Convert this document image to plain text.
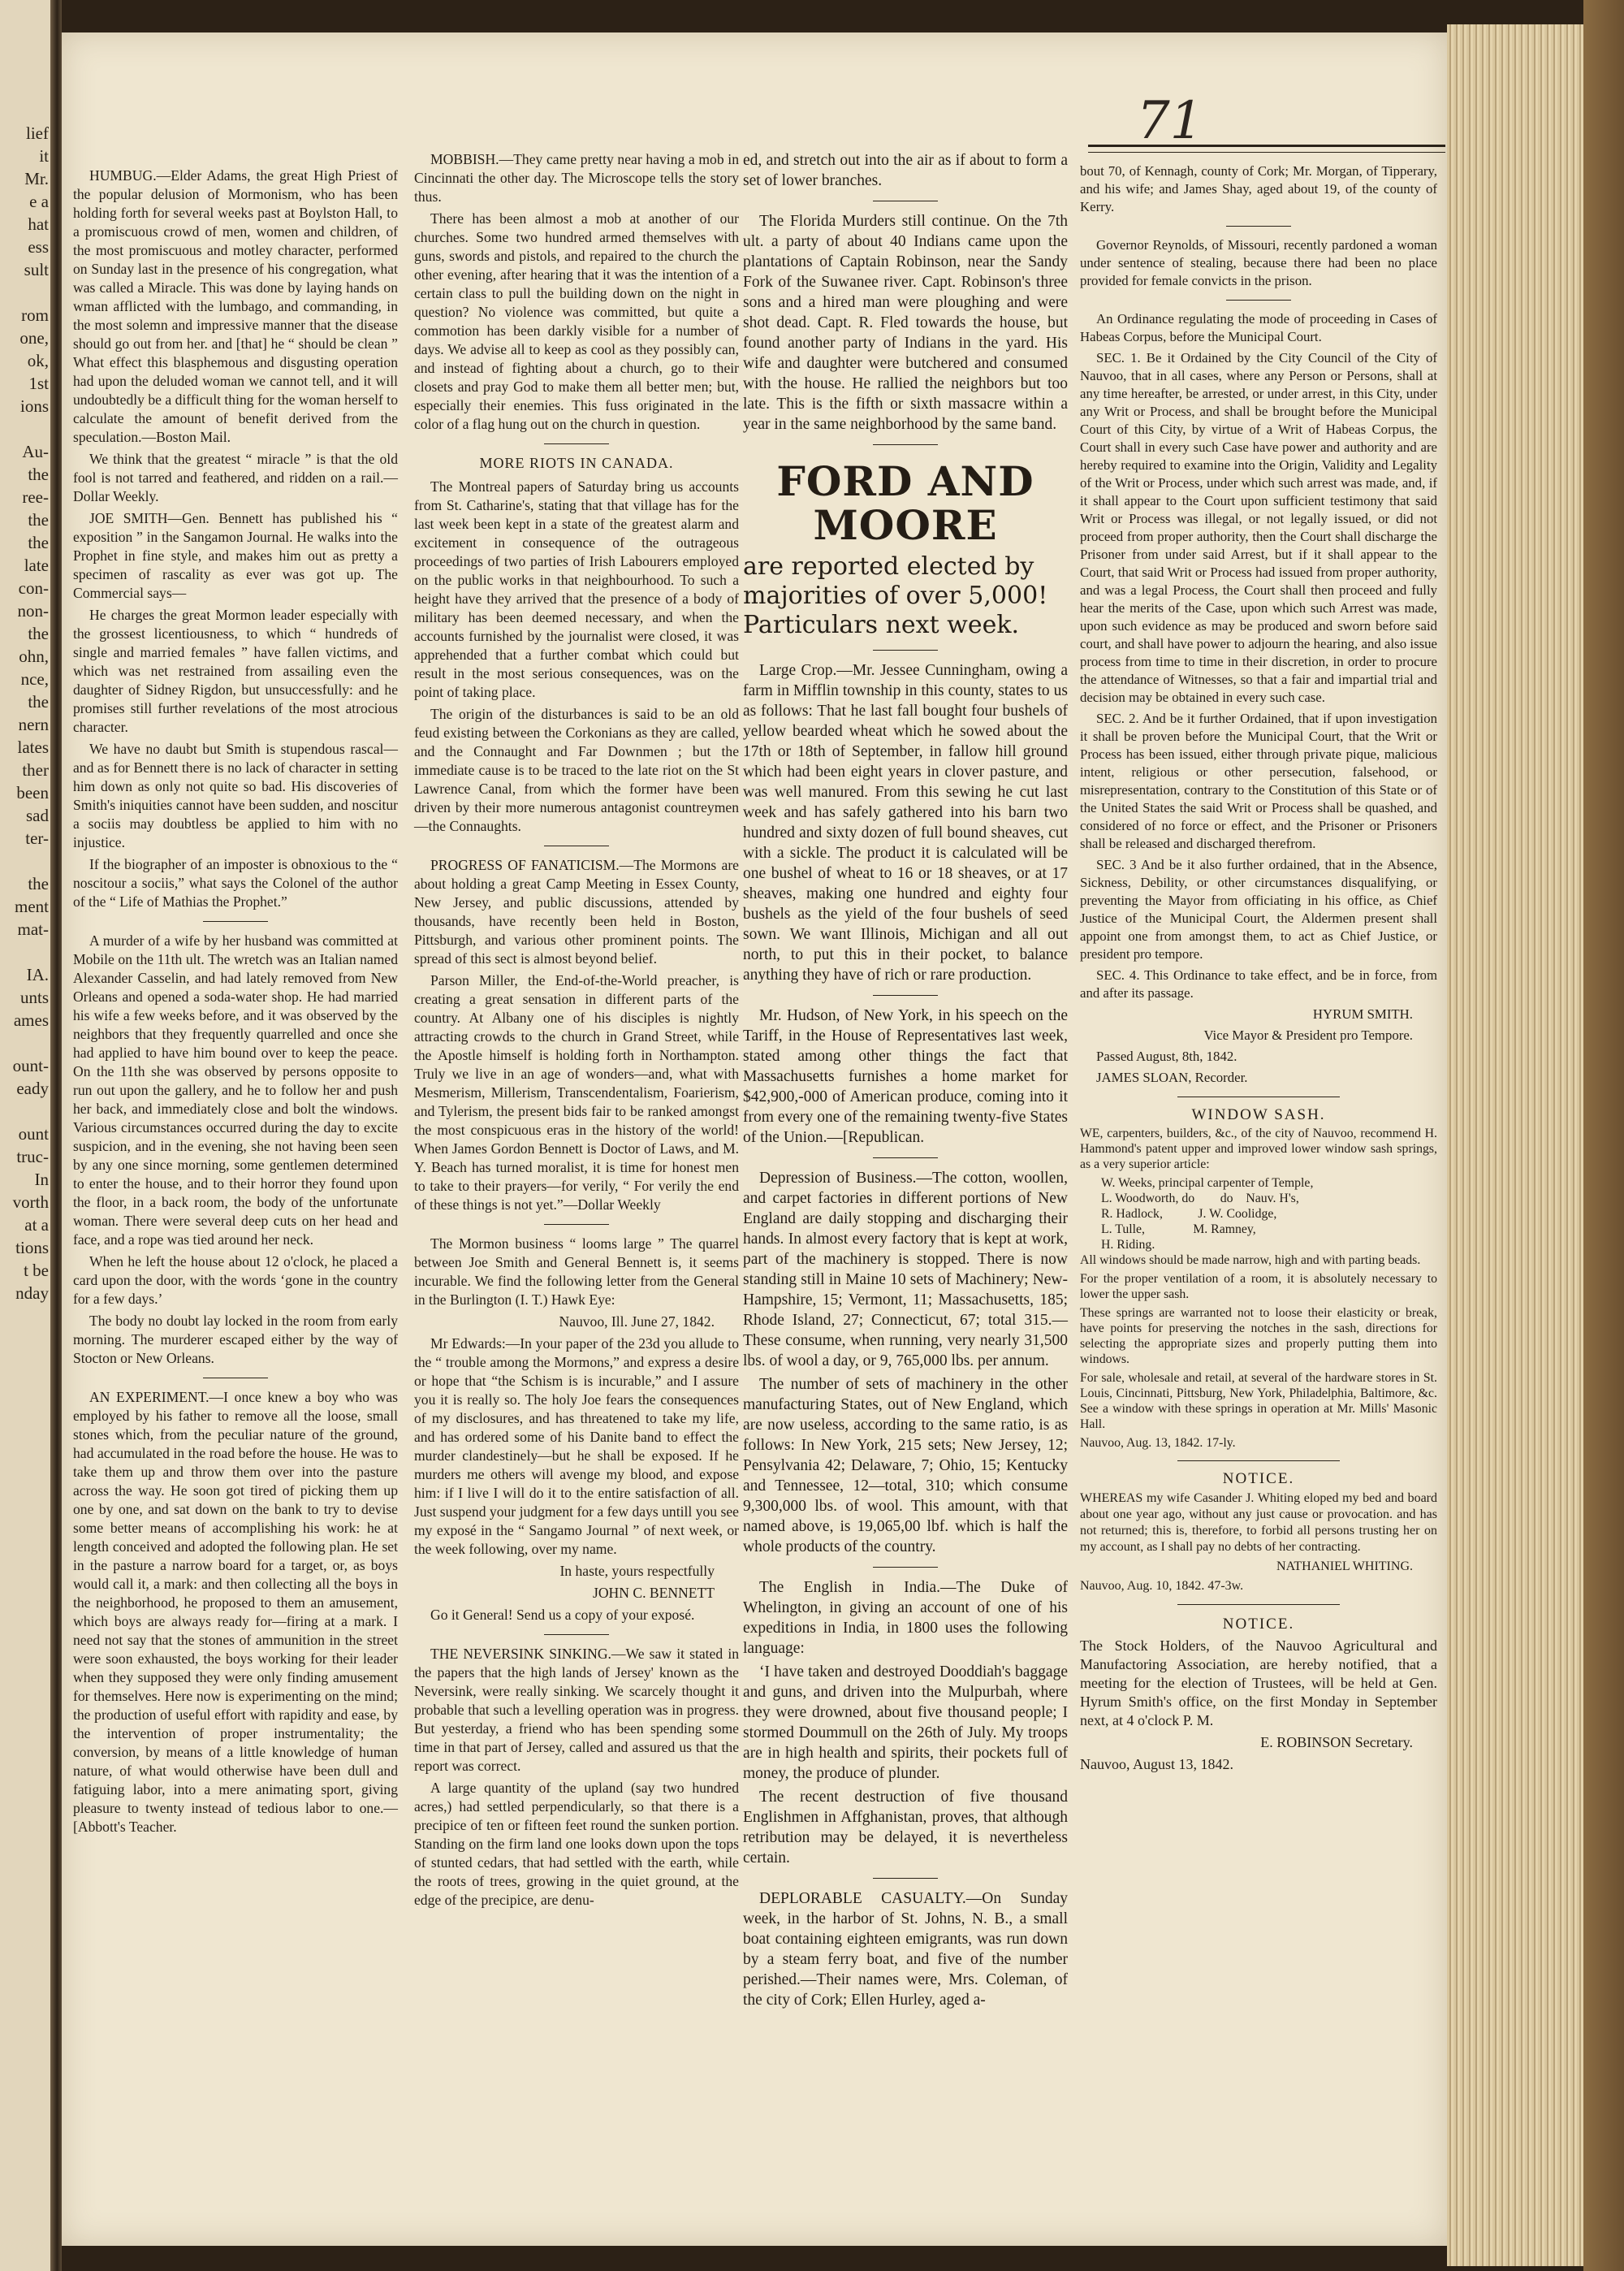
lief
it
Mr.
e a
hat
ess
sult

rom
one,
ok,
1st
ions

Au-
the
ree-
the
the
late
con-
non-
the
ohn,
nce,
the
nern
lates
ther
been
sad
ter-

the
ment
mat-

IA.
unts
ames

ount-
eady

ount
truc-
In
vorth
at a
tions
t be
nday
71

HUMBUG.—Elder Adams, the great High Priest of the popular delusion of Mormonism, who has been holding forth for several weeks past at Boylston Hall, to a promiscuous crowd of men, women and children, of the most promiscuous and motley character, performed on Sunday last in the presence of his congregation, what was called a Miracle. This was done by laying hands on wman afflicted with the lumbago, and commanding, in the most solemn and impressive manner that the disease should go out from her. and [that] he “ should be clean ” What effect this blasphemous and disgusting operation had upon the deluded woman we cannot tell, and it will undoubtedly be a difficult thing for the woman herself to calculate the amount of benefit derived from the speculation.—Boston Mail.

We think that the greatest “ miracle ” is that the old fool is not tarred and feathered, and ridden on a rail.—Dollar Weekly.

JOE SMITH—Gen. Bennett has published his “ exposition ” in the Sangamon Journal. He walks into the Prophet in fine style, and makes him out as pretty a specimen of rascality as ever was got up. The Commercial says—

He charges the great Mormon leader especially with the grossest licentiousness, to which “ hundreds of single and married females ” have fallen victims, and which was net restrained from assailing even the daughter of Sidney Rigdon, but unsuccessfully: and he promises still further revelations of the most atrocious character.

We have no daubt but Smith is stupendous rascal—and as for Bennett there is no lack of character in setting him down as only not quite so bad. His discoveries of Smith's iniquities cannot have been sudden, and noscitur a sociis may doubtless be applied to him with no injustice.

If the biographer of an imposter is obnoxious to the “ noscitour a sociis,” what says the Colonel of the author of the “ Life of Mathias the Prophet.”

A murder of a wife by her husband was committed at Mobile on the 11th ult. The wretch was an Italian named Alexander Casselin, and had lately removed from New Orleans and opened a soda-water shop. He had married his wife a few weeks before, and it was observed by the neighbors that they frequently quarrelled and once she had applied to have him bound over to keep the peace. On the 11th she was observed by persons opposite to run out upon the gallery, and he to follow her and push her back, and immediately close and bolt the windows. Various circumstances occurred during the day to excite suspicion, and in the evening, she not having been seen by any one since morning, some gentlemen determined to enter the house, and to their horror they found upon the floor, in a back room, the body of the unfortunate woman. There were several deep cuts on her head and face, and a rope was tied around her neck.

When he left the house about 12 o'clock, he placed a card upon the door, with the words ‘gone in the country for a few days.’

The body no doubt lay locked in the room from early morning. The murderer escaped either by the way of Stocton or New Orleans.

AN EXPERIMENT.—I once knew a boy who was employed by his father to remove all the loose, small stones which, from the peculiar nature of the ground, had accumulated in the road before the house. He was to take them up and throw them over into the pasture across the way. He soon got tired of picking them up one by one, and sat down on the bank to try to devise some better means of accomplishing his work: he at length conceived and adopted the following plan. He set in the pasture a narrow board for a target, or, as boys would call it, a mark: and then collecting all the boys in the neighborhood, he proposed to them an amusement, which boys are always ready for—firing at a mark. I need not say that the stones of ammunition in the street were soon exhausted, the boys working for their leader when they supposed they were only finding amusement for themselves. Here now is experimenting on the mind; the production of useful effort with rapidity and ease, by the intervention of proper instrumentality; the conversion, by means of a little knowledge of human nature, of what would otherwise have been dull and fatiguing labor, into a mere animating sport, giving pleasure to twenty instead of tedious labor to one.—[Abbott's Teacher.

MOBBISH.—They came pretty near having a mob in Cincinnati the other day. The Microscope tells the story thus.

There has been almost a mob at another of our churches. Some two hundred armed themselves with guns, swords and pistols, and repaired to the church the other evening, after hearing that it was the intention of a certain class to pull the building down on the night in question? No violence was committed, but quite a commotion has been darkly visible for a number of days. We advise all to keep as cool as they possibly can, and instead of fighting about a church, go to their closets and pray God to make them all better men; but, especially their enemies. This fuss originated in the color of a flag hung out on the church in question.

MORE RIOTS IN CANADA.

The Montreal papers of Saturday bring us accounts from St. Catharine's, stating that that village has for the last week been kept in a state of the greatest alarm and excitement in consequence of the outrageous proceedings of two parties of Irish Labourers employed on the public works in that neighbourhood. To such a height have they arrived that the presence of a body of military has been deemed necessary, and when the accounts furnished by the journalist were closed, it was apprehended that a further combat which could but result in the most serious consequences, was on the point of taking place.

The origin of the disturbances is said to be an old feud existing between the Corkonians as they are called, and the Connaught and Far Downmen ; but the immediate cause is to be traced to the late riot on the St Lawrence Canal, from which the former have been driven by their more numerous antagonist countreymen—the Connaughts.

PROGRESS OF FANATICISM.—The Mormons are about holding a great Camp Meeting in Essex County, New Jersey, and public discussions, attended by thousands, have recently been held in Boston, Pittsburgh, and various other prominent points. The spread of this sect is almost beyond belief.

Parson Miller, the End-of-the-World preacher, is creating a great sensation in different parts of the country. At Albany one of his disciples is nightly attracting crowds to the church in Grand Street, while the Apostle himself is holding forth in Northampton. Truly we live in an age of wonders—and, what with Mesmerism, Millerism, Transcendentalism, Foarierism, and Tylerism, the present bids fair to be ranked amongst the most conspicuous eras in the history of the world! When James Gordon Bennett is Doctor of Laws, and M. Y. Beach has turned moralist, it is time for honest men to take to their prayers—for verily, “ For verily the end of these things is not yet.”—Dollar Weekly

The Mormon business “ looms large ” The quarrel between Joe Smith and General Bennett is, it seems incurable. We find the following letter from the General in the Burlington (I. T.) Hawk Eye:

Nauvoo, Ill. June 27, 1842.

Mr Edwards:—In your paper of the 23d you allude to the “ trouble among the Mormons,” and express a desire or hope that “the Schism is is incurable,” and I assure you it is really so. The holy Joe fears the consequences of my disclosures, and has threatened to take my life, and has ordered some of his Danite band to effect the murder clandestinely—but he shall be exposed. If he murders me others will avenge my blood, and expose him: if I live I will do it to the entire satisfaction of all. Just suspend your judgment for a few days untill you see my exposé in the “ Sangamo Journal ” of next week, or the week following, over my name.

In haste, yours respectfully

JOHN C. BENNETT

Go it General! Send us a copy of your exposé.

THE NEVERSINK SINKING.—We saw it stated in the papers that the high lands of Jersey' known as the Neversink, were really sinking. We scarcely thought it probable that such a levelling operation was in progress. But yesterday, a friend who has been spending some time in that part of Jersey, called and assured us that the report was correct.

A large quantity of the upland (say two hundred acres,) had settled perpendicularly, so that there is a precipice of ten or fifteen feet round the sunken portion. Standing on the firm land one looks down upon the tops of stunted cedars, that had settled with the earth, while the roots of trees, growing in the quiet ground, at the edge of the precipice, are denu-

ed, and stretch out into the air as if about to form a set of lower branches.

The Florida Murders still continue. On the 7th ult. a party of about 40 Indians came upon the plantations of Captain Robinson, near the Sandy Fork of the Suwanee river. Capt. Robinson's three sons and a hired man were ploughing and were shot dead. Capt. R. Fled towards the house, but found another party of Indians in the yard. His wife and daughter were butchered and consumed with the house. He rallied the neighbors but too late. This is the fifth or sixth massacre within a year in the same neighborhood by the same band.

FORD AND MOORE
are reported elected by majorities of over 5,000! Particulars next week.

Large Crop.—Mr. Jessee Cunningham, owing a farm in Mifflin township in this county, states to us as follows: That he last fall bought four bushels of yellow bearded wheat which he sowed about the 17th or 18th of September, in fallow hill ground which had been eight years in clover pasture, and was well manured. From this sewing he cut last week and has safely gathered into his barn two hundred and sixty dozen of full bound sheaves, cut with a sickle. The product it is calculated will be one bushel of wheat to 16 or 18 sheaves, or at 17 sheaves, making one hundred and eighty four bushels as the yield of the four bushels of seed sown. We want Illinois, Michigan and all out north, to put this in their pocket, to balance anything they have of rich or rare production.

Mr. Hudson, of New York, in his speech on the Tariff, in the House of Representatives last week, stated among other things the fact that Massachusetts furnishes a home market for $42,900,-000 of American produce, coming into it from every one of the remaining twenty-five States of the Union.—[Republican.

Depression of Business.—The cotton, woollen, and carpet factories in different portions of New England are daily stopping and discharging their hands. In almost every factory that is kept at work, part of the machinery is stopped. There is now standing still in Maine 10 sets of Machinery; New-Hampshire, 15; Vermont, 11; Massachusetts, 185; Rhode Island, 27; Connecticut, 67; total 315.—These consume, when running, very nearly 31,500 lbs. of wool a day, or 9, 765,000 lbs. per annum.

The number of sets of machinery in the other manufacturing States, out of New England, which are now useless, according to the same ratio, is as follows: In New York, 215 sets; New Jersey, 12; Pensylvania 42; Delaware, 7; Ohio, 15; Kentucky and Tennessee, 12—total, 310; which consume 9,300,000 lbs. of wool. This amount, with that named above, is 19,065,00 lbf. which is half the whole products of the country.

The English in India.—The Duke of Whelington, in giving an account of one of his expeditions in India, in 1800 uses the following language:

‘I have taken and destroyed Dooddiah's baggage and guns, and driven into the Mulpurbah, where they were drowned, about five thousand people; I stormed Doummull on the 26th of July. My troops are in high health and spirits, their pockets full of money, the produce of plunder.

The recent destruction of five thousand Englishmen in Affghanistan, proves, that although retribution may be delayed, it is nevertheless certain.

DEPLORABLE CASUALTY.—On Sunday week, in the harbor of St. Johns, N. B., a small boat containing eighteen emigrants, was run down by a steam ferry boat, and five of the number perished.—Their names were, Mrs. Coleman, of the city of Cork; Ellen Hurley, aged a-

bout 70, of Kennagh, county of Cork; Mr. Morgan, of Tipperary, and his wife; and James Shay, aged about 19, of the county of Kerry.

Governor Reynolds, of Missouri, recently pardoned a woman under sentence of stealing, because there had been no place provided for female convicts in the prison.

An Ordinance regulating the mode of proceeding in Cases of Habeas Corpus, before the Municipal Court.

SEC. 1. Be it Ordained by the City Council of the City of Nauvoo, that in all cases, where any Person or Persons, shall at any time hereafter, be arrested, or under arrest, in this City, under any Writ or Process, and shall be brought before the Municipal Court of this City, by virtue of a Writ of Habeas Corpus, the Court shall in every such Case have power and authority and are hereby required to examine into the Origin, Validity and Legality of the Writ or Process, under which such arrest was made, and, if it shall appear to the Court upon sufficient testimony that said Writ or Process was illegal, or not legally issued, or did not proceed from proper authority, then the Court shall discharge the Prisoner from under said Arrest, but if it shall appear to the Court, that said Writ or Process had issued from proper authority, and was a legal Process, the Court shall then proceed and fully hear the merits of the Case, upon which such Arrest was made, upon such evidence as may be produced and sworn before said court, and shall have power to adjourn the hearing, and also issue process from time to time in their discretion, in order to procure the attendance of Witnesses, so that a fair and impartial trial and decision may be obtained in every such case.

SEC. 2. And be it further Ordained, that if upon investigation it shall be proven before the Municipal Court, that the Writ or Process has been issued, either through private pique, malicious intent, religious or other persecution, falsehood, or misrepresentation, contrary to the Constitution of this State or of the United States the said Writ or Process shall be quashed, and considered of no force or effect, and the Prisoner or Prisoners shall be released and discharged therefrom.

SEC. 3 And be it also further ordained, that in the Absence, Sickness, Debility, or other circumstances disqualifying, or preventing the Mayor from officiating in his office, as Chief Justice of the Municipal Court, the Aldermen present shall appoint one from amongst them, to act as Chief Justice, or president pro tempore.

SEC. 4. This Ordinance to take effect, and be in force, from and after its passage.

HYRUM SMITH.

Vice Mayor & President pro Tempore.

Passed August, 8th, 1842.

JAMES SLOAN, Recorder.

WINDOW SASH.

WE, carpenters, builders, &c., of the city of Nauvoo, recommend H. Hammond's patent upper and improved lower window sash springs, as a very superior article:

W. Weeks, principal carpenter of Temple,
L. Woodworth, do        do    Nauv. H's,
R. Hadlock,           J. W. Coolidge,
L. Tulle,               M. Ramney,
H. Riding.

All windows should be made narrow, high and with parting beads.

For the proper ventilation of a room, it is absolutely necessary to lower the upper sash.

These springs are warranted not to loose their elasticity or break, have points for preserving the notches in the sash, directions for selecting the appropriate sizes and properly putting them into windows.

For sale, wholesale and retail, at several of the hardware stores in St. Louis, Cincinnati, Pittsburg, New York, Philadelphia, Baltimore, &c. See a window with these springs in operation at Mr. Mills' Masonic Hall.

Nauvoo, Aug. 13, 1842. 17-ly.

NOTICE.

WHEREAS my wife Casander J. Whiting eloped my bed and board about one year ago, without any just cause or provocation. and has not returned; this is, therefore, to forbid all persons trusting her on my account, as I shall pay no debts of her contracting.

NATHANIEL WHITING.

Nauvoo, Aug. 10, 1842. 47-3w.

NOTICE.

The Stock Holders, of the Nauvoo Agricultural and Manufactoring Association, are hereby notified, that a meeting for the election of Trustees, will be held at Gen. Hyrum Smith's office, on the first Monday in September next, at 4 o'clock P. M.

E. ROBINSON Secretary.

Nauvoo, August 13, 1842.
